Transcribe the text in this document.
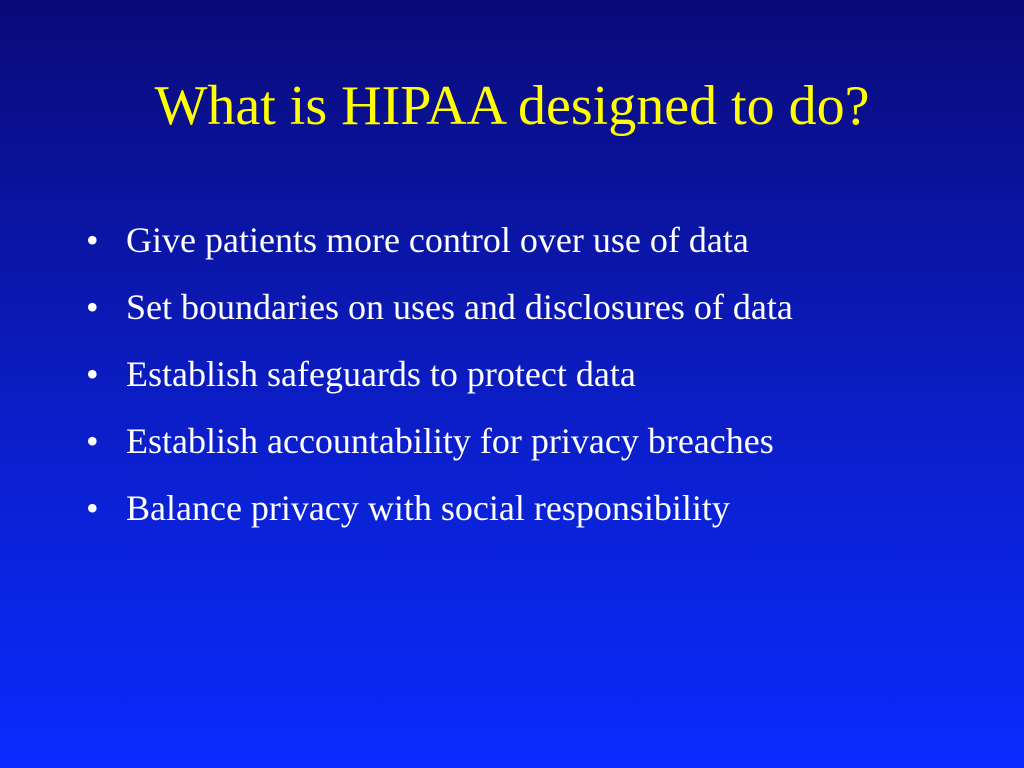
What is HIPAA designed to do?
• Give patients more control over use of data
• Set boundaries on uses and disclosures of data
• Establish safeguards to protect data
• Establish accountability for privacy breaches
• Balance privacy with social responsibility
